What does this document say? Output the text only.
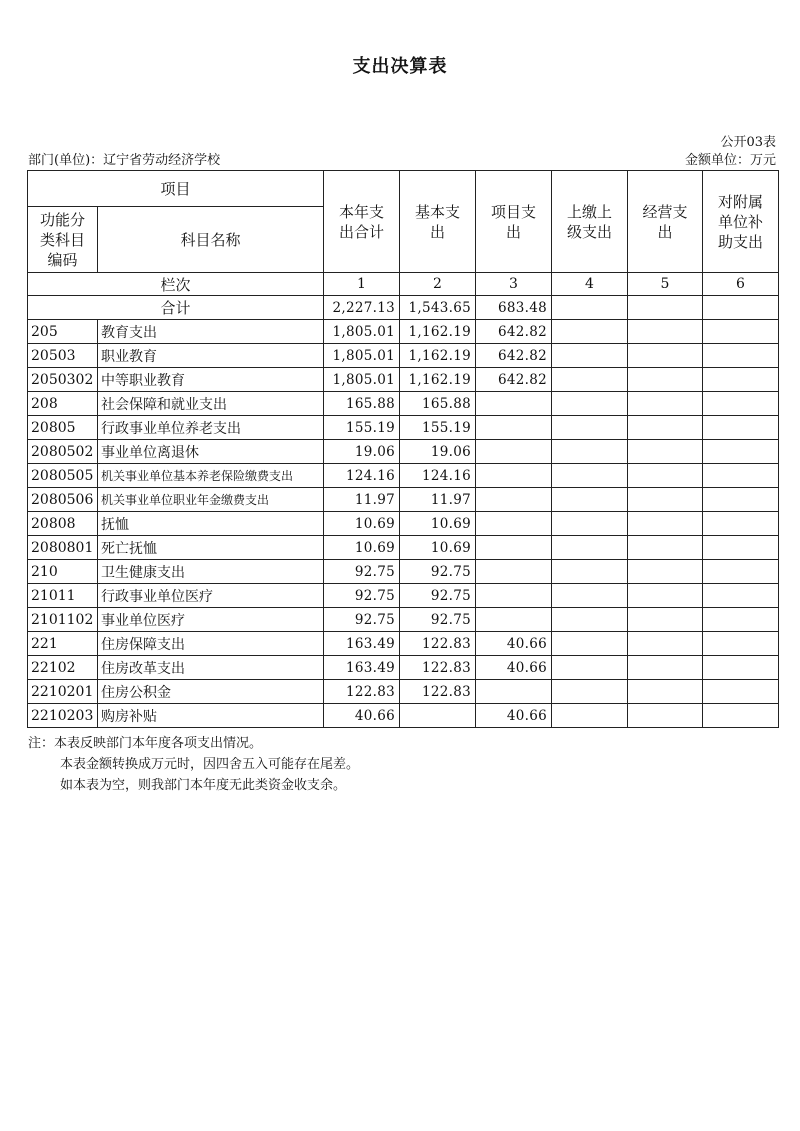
支出决算表
公开03表
部门(单位)：辽宁省劳动经济学校	金额单位：万元
项目		本年支出合计	基本支出	项目支出	上缴上级支出	经营支出	对附属单位补助支出
功能分类科目编码	科目名称						
栏次		1	2	3	4	5	6
合计		2,227.13	1,543.65	683.48			
205	教育支出	1,805.01	1,162.19	642.82			
20503	职业教育	1,805.01	1,162.19	642.82			
2050302	中等职业教育	1,805.01	1,162.19	642.82			
208	社会保障和就业支出	165.88	165.88				
20805	行政事业单位养老支出	155.19	155.19				
2080502	事业单位离退休	19.06	19.06				
2080505	机关事业单位基本养老保险缴费支出	124.16	124.16				
2080506	机关事业单位职业年金缴费支出	11.97	11.97				
20808	抚恤	10.69	10.69				
2080801	死亡抚恤	10.69	10.69				
210	卫生健康支出	92.75	92.75				
21011	行政事业单位医疗	92.75	92.75				
2101102	事业单位医疗	92.75	92.75				
221	住房保障支出	163.49	122.83	40.66			
22102	住房改革支出	163.49	122.83	40.66			
2210201	住房公积金	122.83	122.83				
2210203	购房补贴	40.66		40.66			
注：本表反映部门本年度各项支出情况。
本表金额转换成万元时，因四舍五入可能存在尾差。
如本表为空，则我部门本年度无此类资金收支余。
